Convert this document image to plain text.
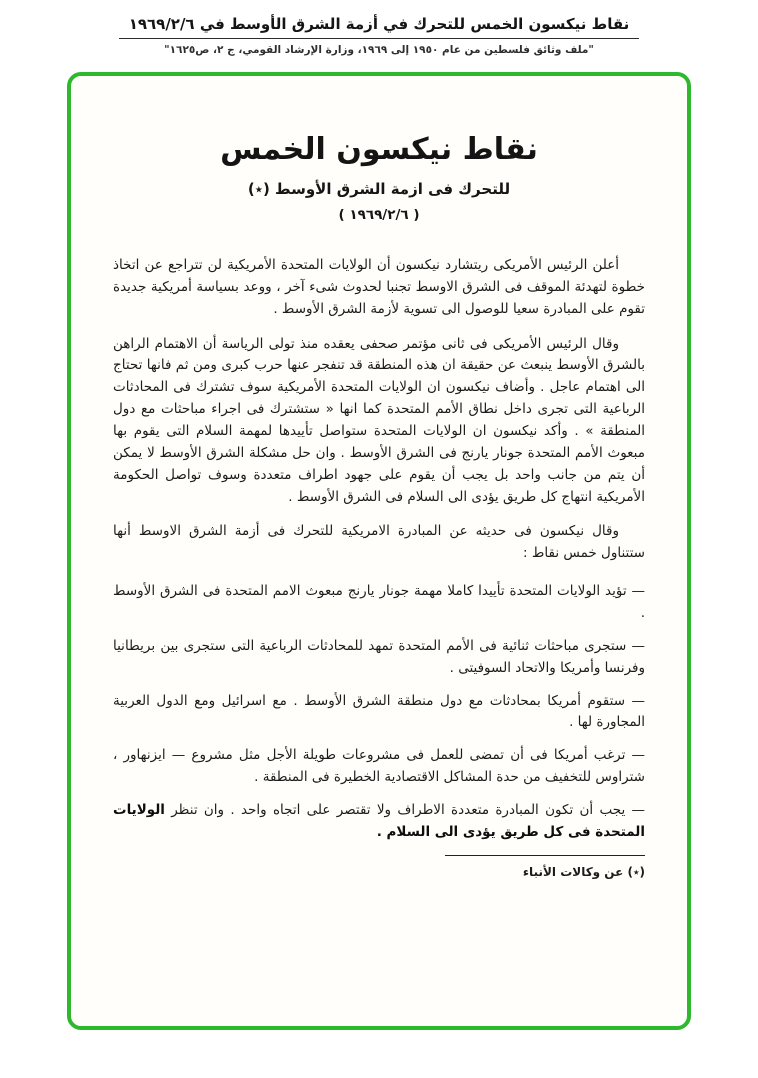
نقاط نيكسون الخمس للتحرك في أزمة الشرق الأوسط في ١٩٦٩/٢/٦
"ملف وثائق فلسطين من عام ١٩٥٠ إلى ١٩٦٩، وزارة الإرشاد القومي، ج ٢، ص١٦٢٥"
نقاط نيكسون الخمس
للتحرك فى ازمة الشرق الأوسط (٭)
( ١٩٦٩/٢/٦ )

أعلن الرئيس الأمريكى ريتشارد نيكسون أن الولايات المتحدة الأمريكية لن تتراجع عن اتخاذ خطوة لتهدئة الموقف فى الشرق الاوسط تجنبا لحدوث شىء آخر ، ووعد بسياسة أمريكية جديدة تقوم على المبادرة سعيا للوصول الى تسوية لأزمة الشرق الأوسط .

وقال الرئيس الأمريكى فى ثانى مؤتمر صحفى يعقده منذ تولى الرياسة أن الاهتمام الراهن بالشرق الأوسط ينبعث عن حقيقة ان هذه المنطقة قد تنفجر عنها حرب كبرى ومن ثم فانها تحتاج الى اهتمام عاجل . وأضاف نيكسون ان الولايات المتحدة الأمريكية سوف تشترك فى المحادثات الرباعية التى تجرى داخل نطاق الأمم المتحدة كما انها « ستشترك فى اجراء مباحثات مع دول المنطقة » . وأكد نيكسون ان الولايات المتحدة ستواصل تأييدها لمهمة السلام التى يقوم بها مبعوث الأمم المتحدة جونار يارنج فى الشرق الأوسط . وان حل مشكلة الشرق الأوسط لا يمكن أن يتم من جانب واحد بل يجب أن يقوم على جهود اطراف متعددة وسوف تواصل الحكومة الأمريكية انتهاج كل طريق يؤدى الى السلام فى الشرق الأوسط .

وقال نيكسون فى حديثه عن المبادرة الامريكية للتحرك فى أزمة الشرق الاوسط أنها ستتناول خمس نقاط :

— تؤيد الولايات المتحدة تأييدا كاملا مهمة جونار يارنج مبعوث الامم المتحدة فى الشرق الأوسط .

— ستجرى مباحثات ثنائية فى الأمم المتحدة تمهد للمحادثات الرباعية التى ستجرى بين بريطانيا وفرنسا وأمريكا والاتحاد السوفيتى .

— ستقوم أمريكا بمحادثات مع دول منطقة الشرق الأوسط . مع اسرائيل ومع الدول العربية المجاورة لها .

— ترغب أمريكا فى أن تمضى للعمل فى مشروعات طويلة الأجل مثل مشروع — ايزنهاور ، شتراوس للتخفيف من حدة المشاكل الاقتصادية الخطيرة فى المنطقة .

— يجب أن تكون المبادرة متعددة الاطراف ولا تقتصر على اتجاه واحد . وان تنظر الولايات المتحدة فى كل طريق يؤدى الى السلام .

(٭) عن وكالات الأنباء
